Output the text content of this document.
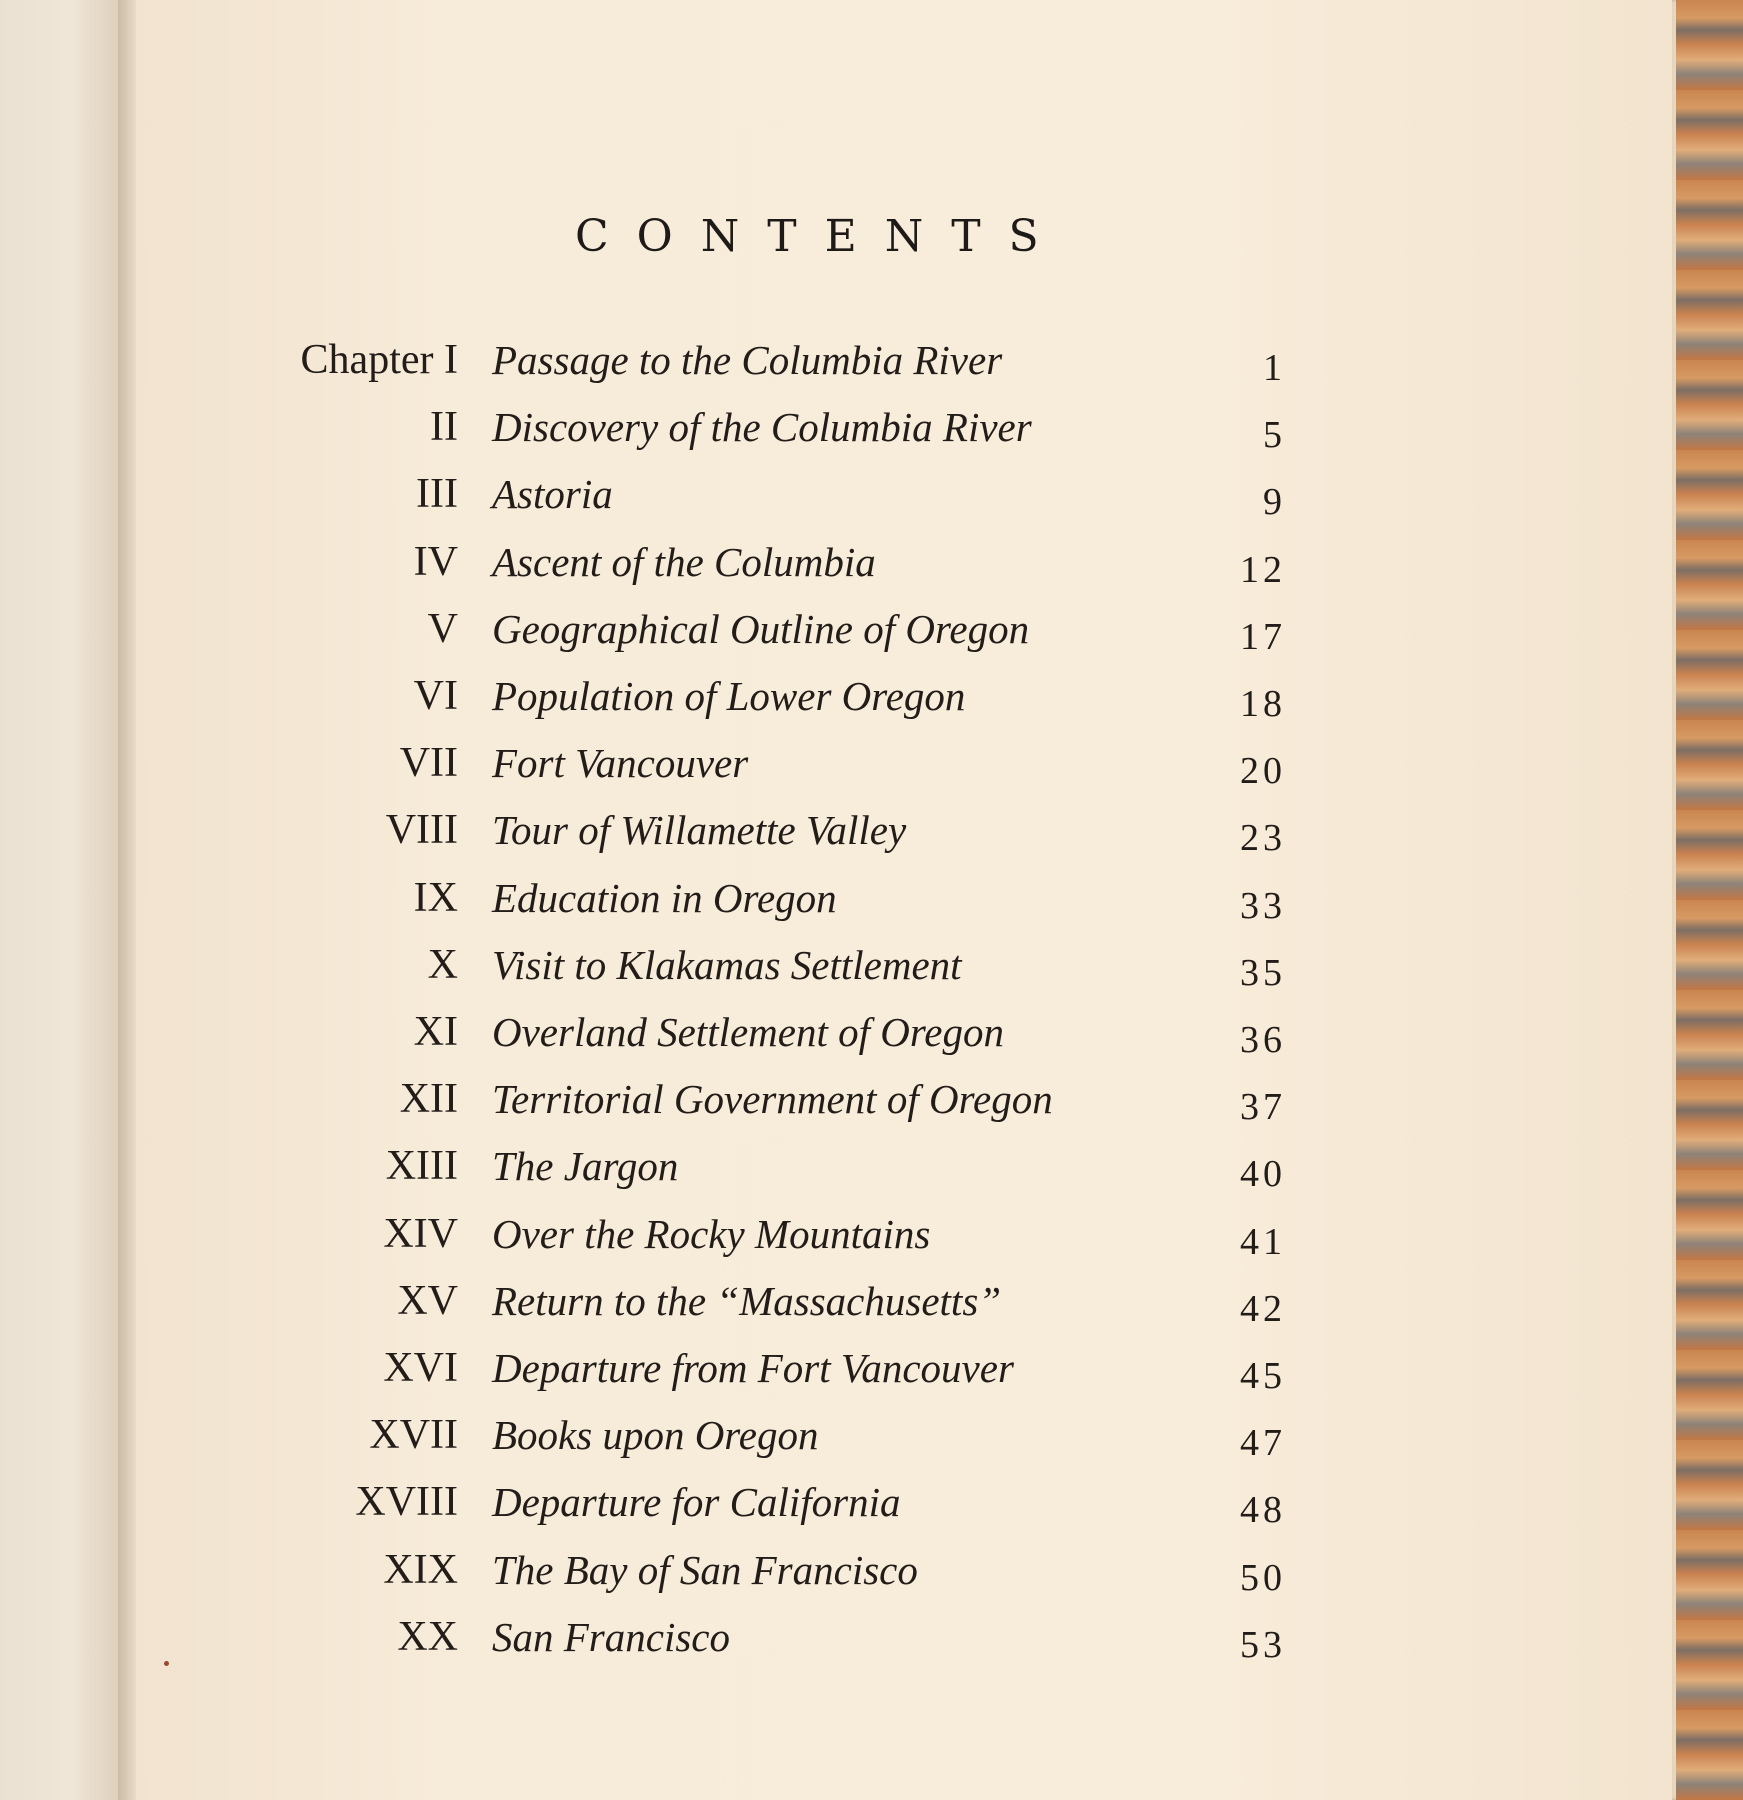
CONTENTS
Chapter I Passage to the Columbia River	1
II Discovery of the Columbia River	5
III Astoria	9
IV Ascent of the Columbia	12
V Geographical Outline of Oregon	17
VI Population of Lower Oregon	18
VII Fort Vancouver	20
VIII Tour of Willamette Valley	23
IX Education in Oregon	33
X Visit to Klakamas Settlement	35
XI Overland Settlement of Oregon	36
XII Territorial Government of Oregon	37
XIII The Jargon	40
XIV Over the Rocky Mountains	41
XV Return to the “Massachusetts”	42
XVI Departure from Fort Vancouver	45
XVII Books upon Oregon	47
XVIII Departure for California	48
XIX The Bay of San Francisco	50
XX San Francisco	53
